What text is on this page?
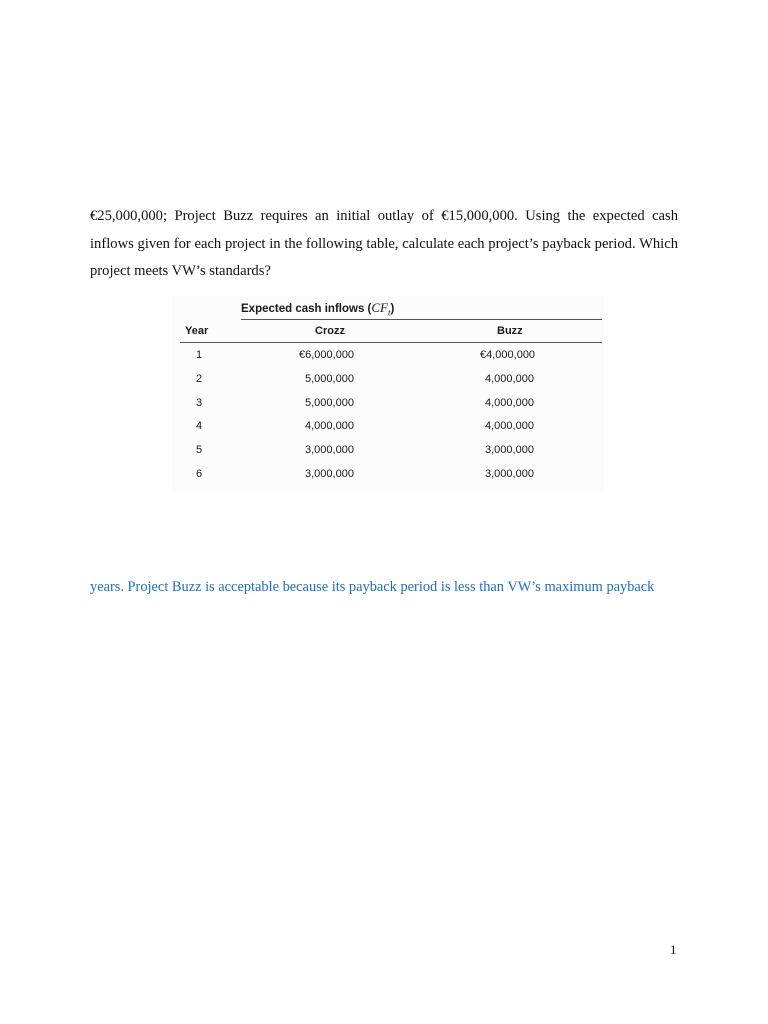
€25,000,000; Project Buzz requires an initial outlay of €15,000,000. Using the expected cash inflows given for each project in the following table, calculate each project’s payback period. Which project meets VW’s standards?

Expected cash inflows $(CF_t)$
Year	Crozz	Buzz
1	€6,000,000	€4,000,000
2	5,000,000	4,000,000
3	5,000,000	4,000,000
4	4,000,000	4,000,000
5	3,000,000	3,000,000
6	3,000,000	3,000,000

years. Project Buzz is acceptable because its payback period is less than VW’s maximum payback

1
